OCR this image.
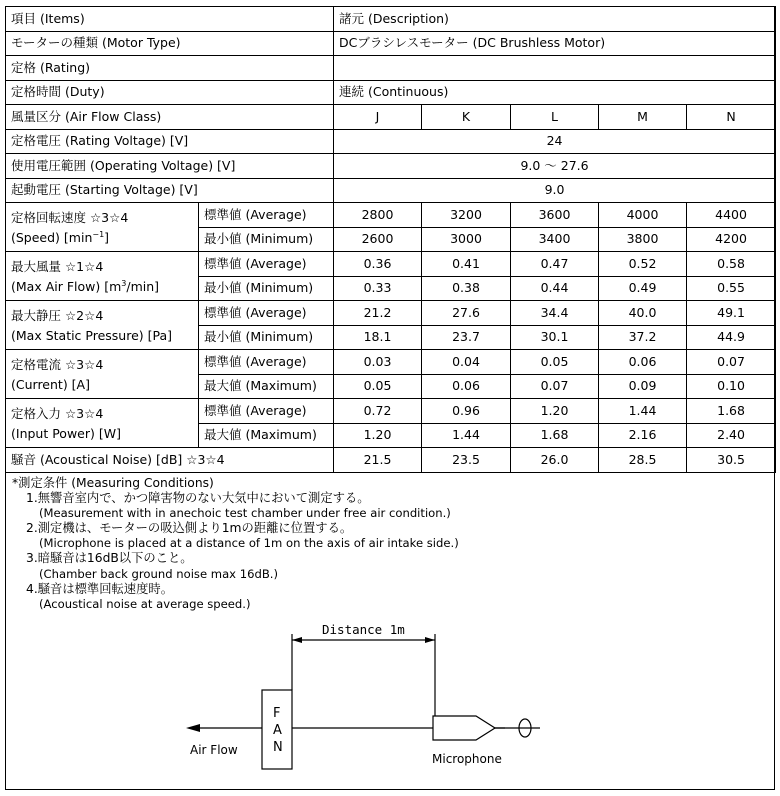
項目 (Items)		諸元 (Description)				
モーターの種類 (Motor Type)		DCブラシレスモーター (DC Brushless Motor)				
定格 (Rating)						
定格時間 (Duty)		連続 (Continuous)				
風量区分 (Air Flow Class)		J	K	L	M	N
定格電圧 (Rating Voltage) [V]		24				
使用電圧範囲 (Operating Voltage) [V]		9.0 ～ 27.6				
起動電圧 (Starting Voltage) [V]		9.0				
定格回転速度 ☆3☆4
(Speed) $[\min^{-1}]$	標準値 (Average)	2800	3200	3600	4000	4400
	最小値 (Minimum)	2600	3000	3400	3800	4200
最大風量 ☆1☆4
(Max Air Flow) $[m^3/\min]$	標準値 (Average)	0.36	0.41	0.47	0.52	0.58
	最小値 (Minimum)	0.33	0.38	0.44	0.49	0.55
最大静圧 ☆2☆4
(Max Static Pressure) [Pa]	標準値 (Average)	21.2	27.6	34.4	40.0	49.1
	最小値 (Minimum)	18.1	23.7	30.1	37.2	44.9
定格電流 ☆3☆4
(Current) [A]	標準値 (Average)	0.03	0.04	0.05	0.06	0.07
	最大値 (Maximum)	0.05	0.06	0.07	0.09	0.10
定格入力 ☆3☆4
(Input Power) [W]	標準値 (Average)	0.72	0.96	1.20	1.44	1.68
	最大値 (Maximum)	1.20	1.44	1.68	2.16	2.40
騒音 (Acoustical Noise) [dB] ☆3☆4		21.5	23.5	26.0	28.5	30.5
*測定条件 (Measuring Conditions)
1.無響音室内で、かつ障害物のない大気中において測定する。
(Measurement with in anechoic test chamber under free air condition.)
2.測定機は、モーターの吸込側より1mの距離に位置する。
(Microphone is placed at a distance of 1m on the axis of air intake side.)
3.暗騒音は16dB以下のこと。
(Chamber back ground noise max 16dB.)
4.騒音は標準回転速度時。
(Acoustical noise at average speed.)
Distance 1m
F
A
N
Air Flow
Microphone
